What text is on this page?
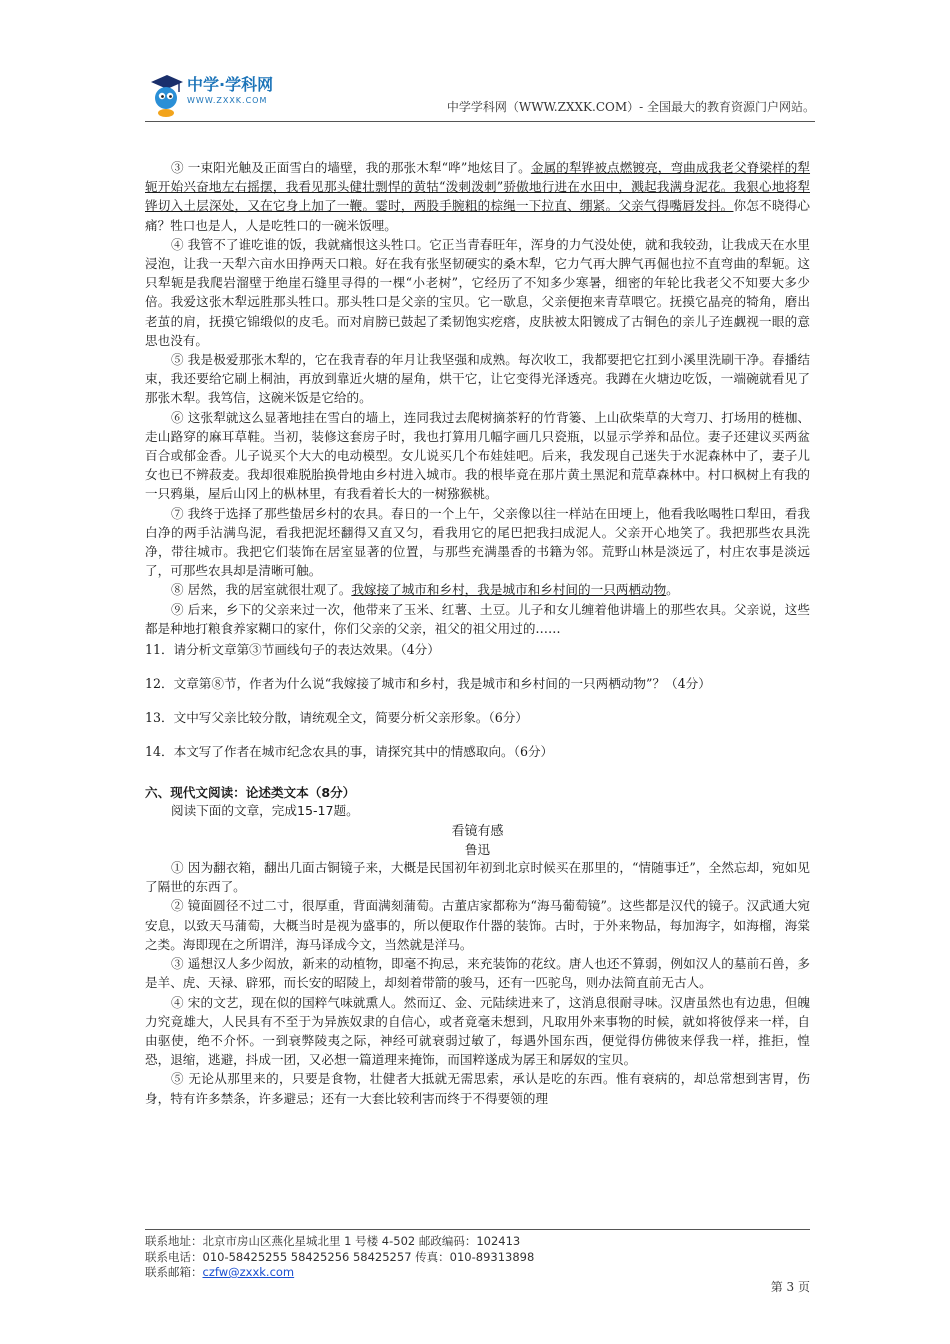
中学·学科网
WWW.ZXXK.COM	中学学科网（WWW.ZXXK.COM）- 全国最大的教育资源门户网站。

③ 一束阳光触及正面雪白的墙壁，我的那张木犁“哗”地炫目了。金属的犁铧被点燃镀亮，弯曲成我老父脊梁样的犁轭开始兴奋地左右摇摆，我看见那头健壮剽悍的黄牯“泼刺泼刺”骄傲地行进在水田中，溅起我满身泥花。我狠心地将犁铧切入土层深处，又在它身上加了一鞭。霎时，两股手腕粗的棕绳一下拉直、绷紧。父亲气得嘴唇发抖。你怎不晓得心痛？牲口也是人，人是吃牲口的一碗米饭哩。

④ 我管不了谁吃谁的饭，我就痛恨这头牲口。它正当青春旺年，浑身的力气没处使，就和我较劲，让我成天在水里浸泡，让我一天犁六亩水田挣两天口粮。好在我有张坚韧硬实的桑木犁，它力气再大脾气再倔也拉不直弯曲的犁轭。这只犁轭是我爬岩溜壁于绝崖石缝里寻得的一棵“小老树”，它经历了不知多少寒暑，细密的年轮比我老父不知要大多少倍。我爱这张木犁远胜那头牲口。那头牲口是父亲的宝贝。它一歇息，父亲便抱来青草喂它。抚摸它晶亮的犄角，磨出老茧的肩，抚摸它锦缎似的皮毛。而对肩膀已鼓起了柔韧饱实疙瘩，皮肤被太阳镀成了古铜色的亲儿子连觑视一眼的意思也没有。

⑤ 我是极爱那张木犁的，它在我青春的年月让我坚强和成熟。每次收工，我都要把它扛到小溪里洗刷干净。春播结束，我还要给它刷上桐油，再放到靠近火塘的屋角，烘干它，让它变得光泽透亮。我蹲在火塘边吃饭，一端碗就看见了那张木犁。我笃信，这碗米饭是它给的。

⑥ 这张犁就这么显著地挂在雪白的墙上，连同我过去爬树摘茶籽的竹背篓、上山砍柴草的大弯刀、打场用的梿枷、走山路穿的麻耳草鞋。当初，装修这套房子时，我也打算用几幅字画几只瓷瓶，以显示学养和品位。妻子还建议买两盆百合或郁金香。儿子说买个大大的电动模型。女儿说买几个布娃娃吧。后来，我发现自己迷失于水泥森林中了，妻子儿女也已不辨菽麦。我却很难脱胎换骨地由乡村进入城市。我的根毕竟在那片黄土黑泥和荒草森林中。村口枫树上有我的一只鸦巢，屋后山冈上的枞林里，有我看着长大的一树猕猴桃。

⑦ 我终于选择了那些蛰居乡村的农具。春日的一个上午，父亲像以往一样站在田埂上，他看我吆喝牲口犁田，看我白净的两手沾满鸟泥，看我把泥坯翻得又直又匀，看我用它的尾巴把我扫成泥人。父亲开心地笑了。我把那些农具洗净，带往城市。我把它们装饰在居室显著的位置，与那些充满墨香的书籍为邻。荒野山林是淡远了，村庄农事是淡远了，可那些农具却是清晰可触。

⑧ 居然，我的居室就很壮观了。我嫁接了城市和乡村，我是城市和乡村间的一只两栖动物。

⑨ 后来，乡下的父亲来过一次，他带来了玉米、红薯、土豆。儿子和女儿缠着他讲墙上的那些农具。父亲说，这些都是种地打粮食养家糊口的家什，你们父亲的父亲，祖父的祖父用过的……

11．请分析文章第③节画线句子的表达效果。（4分）

12．文章第⑧节，作者为什么说“我嫁接了城市和乡村，我是城市和乡村间的一只两栖动物”？（4分）

13．文中写父亲比较分散，请统观全文，简要分析父亲形象。（6分）

14．本文写了作者在城市纪念农具的事，请探究其中的情感取向。（6分）

六、现代文阅读：论述类文本（8分）
阅读下面的文章，完成15-17题。
看镜有感
鲁迅

① 因为翻衣箱，翻出几面古铜镜子来，大概是民国初年初到北京时候买在那里的，“情随事迁”，全然忘却，宛如见了隔世的东西了。

② 镜面圆径不过二寸，很厚重，背面满刻蒲萄。古董店家都称为“海马葡萄镜”。这些都是汉代的镜子。汉武通大宛安息，以致天马蒲萄，大概当时是视为盛事的，所以便取作什器的装饰。古时，于外来物品，每加海字，如海榴，海棠之类。海即现在之所谓洋，海马译成今文，当然就是洋马。

③ 遥想汉人多少闳放，新来的动植物，即毫不拘忌，来充装饰的花纹。唐人也还不算弱，例如汉人的墓前石兽，多是羊、虎、天禄、辟邪，而长安的昭陵上，却刻着带箭的骏马，还有一匹驼鸟，则办法简直前无古人。

④ 宋的文艺，现在似的国粹气味就熏人。然而辽、金、元陆续进来了，这消息很耐寻味。汉唐虽然也有边患，但魄力究竟雄大，人民具有不至于为异族奴隶的自信心，或者竟毫未想到，凡取用外来事物的时候，就如将彼俘来一样，自由驱使，绝不介怀。一到衰弊陵夷之际，神经可就衰弱过敏了，每遇外国东西，便觉得仿佛彼来俘我一样，推拒，惶恐，退缩，逃避，抖成一团，又必想一篇道理来掩饰，而国粹遂成为孱王和孱奴的宝贝。

⑤ 无论从那里来的，只要是食物，壮健者大抵就无需思索，承认是吃的东西。惟有衰病的，却总常想到害胃，伤身，特有许多禁条，许多避忌；还有一大套比较利害而终于不得要领的理

联系地址：北京市房山区燕化星城北里 1 号楼 4-502 邮政编码：102413
联系电话：010-58425255 58425256 58425257 传真：010-89313898
联系邮箱：czfw@zxxk.com
第 3 页
